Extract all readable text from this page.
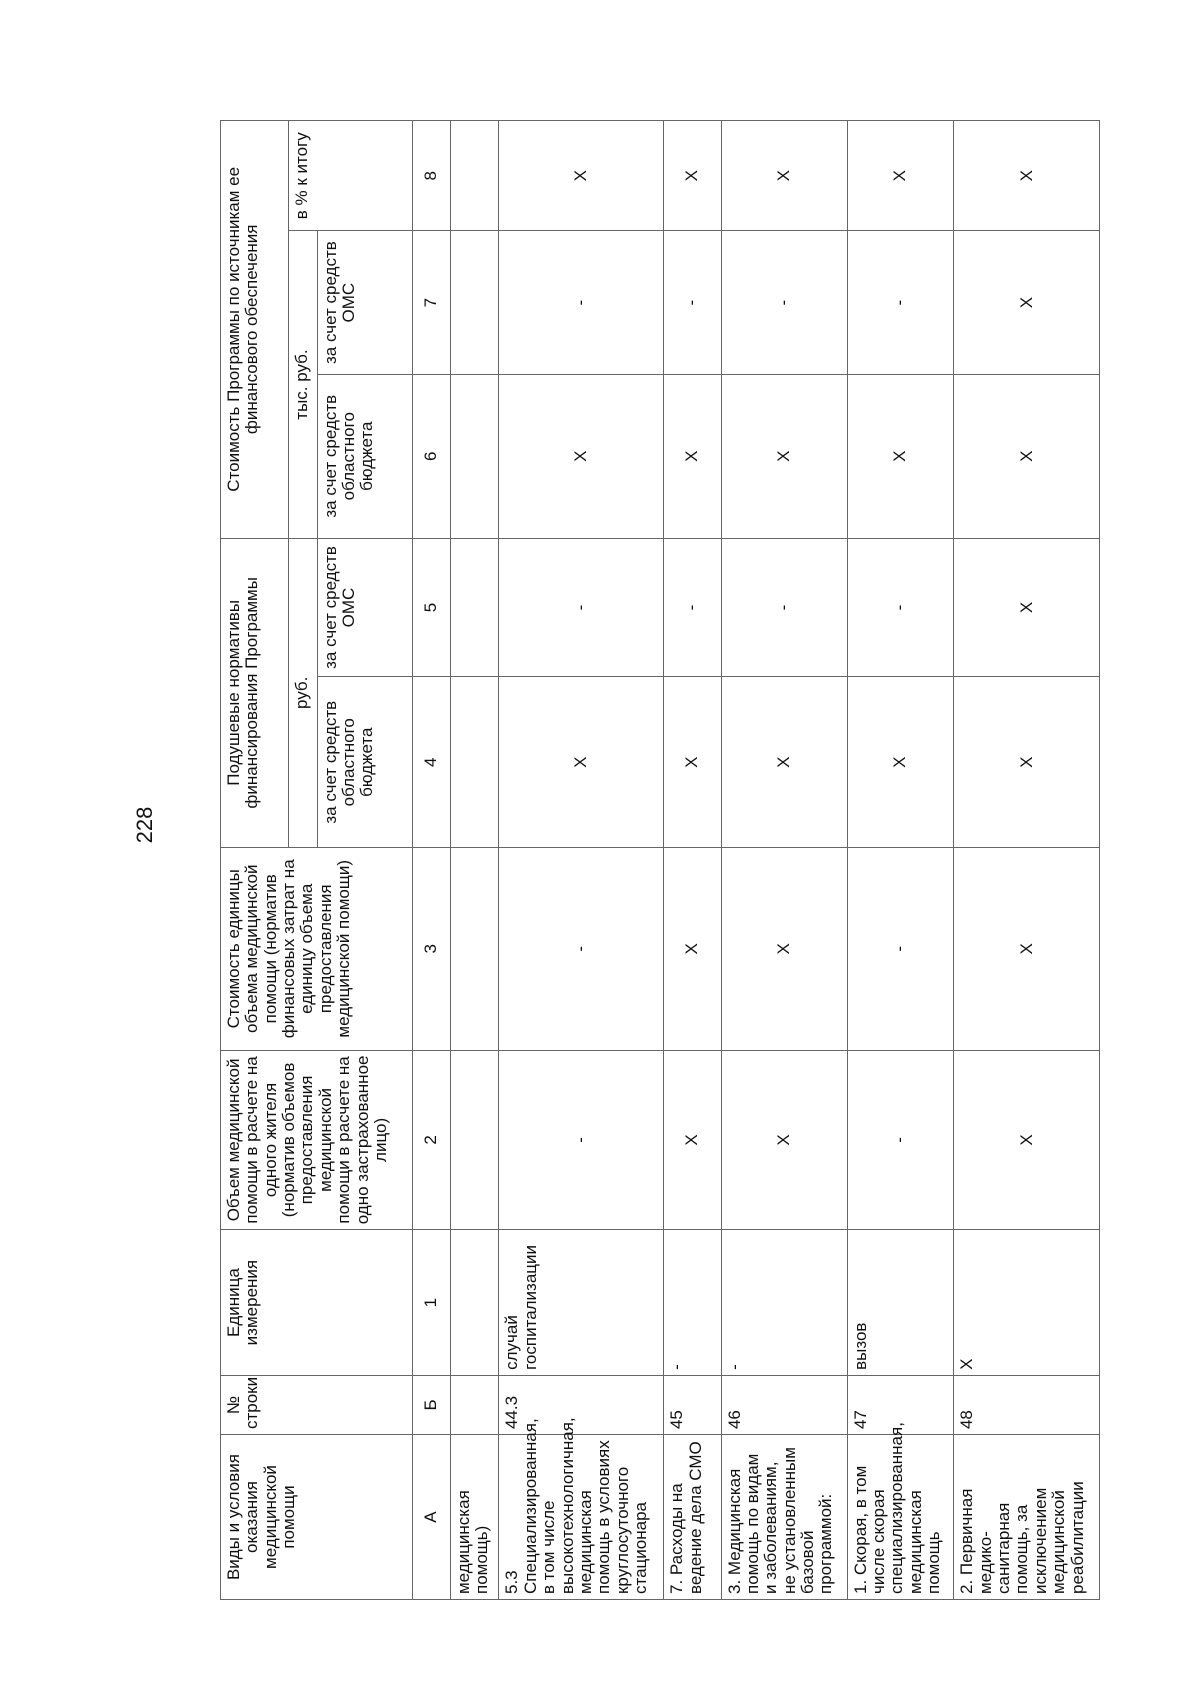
228
Виды и условия оказания медицинской помощи	№ строки	Единица измерения	Объем медицинской помощи в расчете на одного жителя (норматив объемов предоставления медицинской помощи в расчете на одно застрахованное лицо)	Стоимость единицы объема медицинской помощи (норматив финансовых затрат на единицу объема предоставления медицинской помощи)	Подушевые нормативы финансирования Программы		Стоимость Программы по источникам ее финансового обеспечения		
					руб.		тыс. руб.		в % к итогу
					за счет средств областного бюджета	за счет средств ОМС	за счет средств областного бюджета	за счет средств ОМС	
А	Б	1	2	3	4	5	6	7	8
медицинская помощь)									
5.3 Специализированная, в том числе высокотехнологичная, медицинская помощь в условиях круглосуточного стационара	44.3	случай госпитализации	-	-	X	-	X	-	X
7. Расходы на ведение дела СМО	45	-	X	X	X	-	X	-	X
3. Медицинская помощь по видам и заболеваниям, не установленным базовой программой:	46	-	X	X	X	-	X	-	X
1. Скорая, в том числе скорая специализированная, медицинская помощь	47	вызов	-	-	X	-	X	-	X
2. Первичная медико-санитарная помощь, за исключением медицинской реабилитации	48	X	X	X	X	X	X	X	X
